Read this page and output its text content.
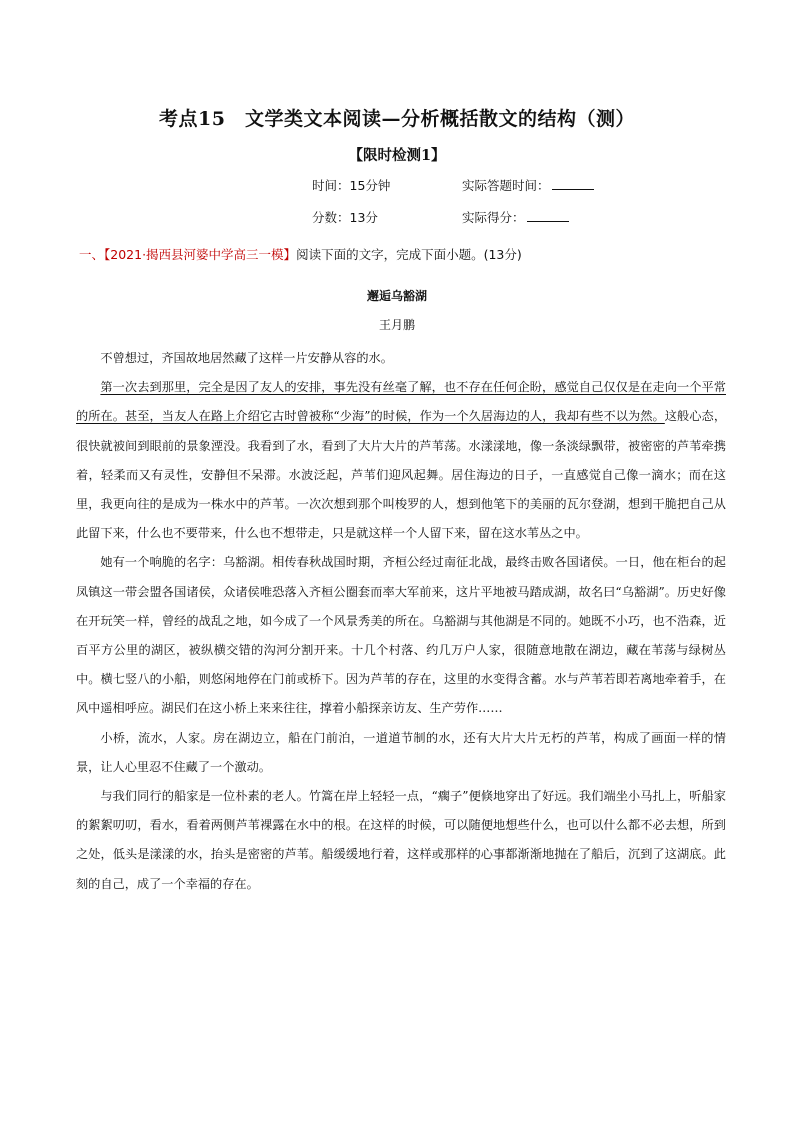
考点15　文学类文本阅读—分析概括散文的结构（测）
【限时检测1】
时间：15分钟	实际答题时间：
分数：13分	实际得分：
一、【2021·揭西县河婆中学高三一模】阅读下面的文字，完成下面小题。(13分)
邂逅乌豁湖
王月鹏

不曾想过，齐国故地居然藏了这样一片安静从容的水。

第一次去到那里，完全是因了友人的安排，事先没有丝毫了解，也不存在任何企盼，感觉自己仅仅是在走向一个平常的所在。甚至，当友人在路上介绍它古时曾被称“少海”的时候，作为一个久居海边的人，我却有些不以为然。这般心态，很快就被间到眼前的景象湮没。我看到了水，看到了大片大片的芦苇荡。水漾漾地，像一条淡绿飘带，被密密的芦苇牵携着，轻柔而又有灵性，安静但不呆滞。水波泛起，芦苇们迎风起舞。居住海边的日子，一直感觉自己像一滴水；而在这里，我更向往的是成为一株水中的芦苇。一次次想到那个叫梭罗的人，想到他笔下的美丽的瓦尔登湖，想到干脆把自己从此留下来，什么也不要带来，什么也不想带走，只是就这样一个人留下来，留在这水苇丛之中。

她有一个响脆的名字：乌豁湖。相传春秋战国时期，齐桓公经过南征北战，最终击败各国诸侯。一日，他在柜台的起凤镇这一带会盟各国诸侯，众诸侯唯恐落入齐桓公圈套而率大军前来，这片平地被马踏成湖，故名曰“乌豁湖”。历史好像在开玩笑一样，曾经的战乱之地，如今成了一个风景秀美的所在。乌豁湖与其他湖是不同的。她既不小巧，也不浩森，近百平方公里的湖区，被纵横交错的沟河分割开来。十几个村落、约几万户人家，很随意地散在湖边，藏在苇荡与绿树丛中。横七竖八的小船，则悠闲地停在门前或桥下。因为芦苇的存在，这里的水变得含蓄。水与芦苇若即若离地牵着手，在风中遥相呼应。湖民们在这小桥上来来往往，撑着小船探亲访友、生产劳作……

小桥，流水，人家。房在湖边立，船在门前泊，一道道节制的水，还有大片大片无朽的芦苇，构成了画面一样的情景，让人心里忍不住藏了一个激动。

与我们同行的船家是一位朴素的老人。竹篙在岸上轻轻一点，“瘸子”便倏地穿出了好远。我们端坐小马扎上，听船家的絮絮叨叨，看水，看着两侧芦苇裸露在水中的根。在这样的时候，可以随便地想些什么，也可以什么都不必去想，所到之处，低头是漾漾的水，抬头是密密的芦苇。船缓缓地行着，这样或那样的心事都渐渐地抛在了船后，沉到了这湖底。此刻的自己，成了一个幸福的存在。
